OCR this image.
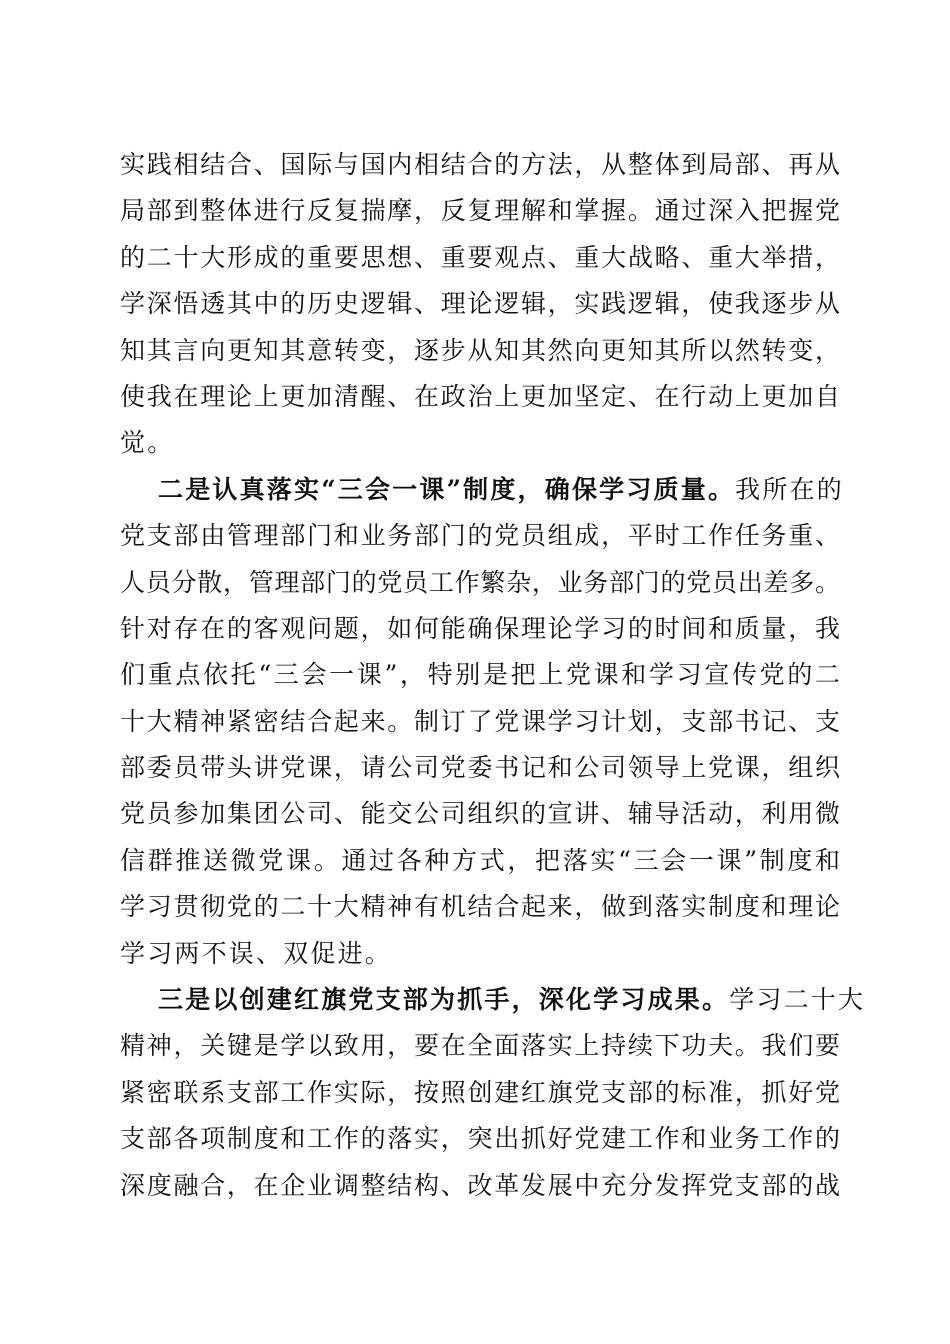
实践相结合、国际与国内相结合的方法，从整体到局部、再从
局部到整体进行反复揣摩，反复理解和掌握。通过深入把握党
的二十大形成的重要思想、重要观点、重大战略、重大举措，
学深悟透其中的历史逻辑、理论逻辑，实践逻辑，使我逐步从
知其言向更知其意转变，逐步从知其然向更知其所以然转变，
使我在理论上更加清醒、在政治上更加坚定、在行动上更加自
觉。
二是认真落实“三会一课”制度，确保学习质量。我所在的
党支部由管理部门和业务部门的党员组成，平时工作任务重、
人员分散，管理部门的党员工作繁杂，业务部门的党员出差多。
针对存在的客观问题，如何能确保理论学习的时间和质量，我
们重点依托“三会一课”，特别是把上党课和学习宣传党的二
十大精神紧密结合起来。制订了党课学习计划，支部书记、支
部委员带头讲党课，请公司党委书记和公司领导上党课，组织
党员参加集团公司、能交公司组织的宣讲、辅导活动，利用微
信群推送微党课。通过各种方式，把落实“三会一课”制度和
学习贯彻党的二十大精神有机结合起来，做到落实制度和理论
学习两不误、双促进。
三是以创建红旗党支部为抓手，深化学习成果。学习二十大
精神，关键是学以致用，要在全面落实上持续下功夫。我们要
紧密联系支部工作实际，按照创建红旗党支部的标准，抓好党
支部各项制度和工作的落实，突出抓好党建工作和业务工作的
深度融合，在企业调整结构、改革发展中充分发挥党支部的战
